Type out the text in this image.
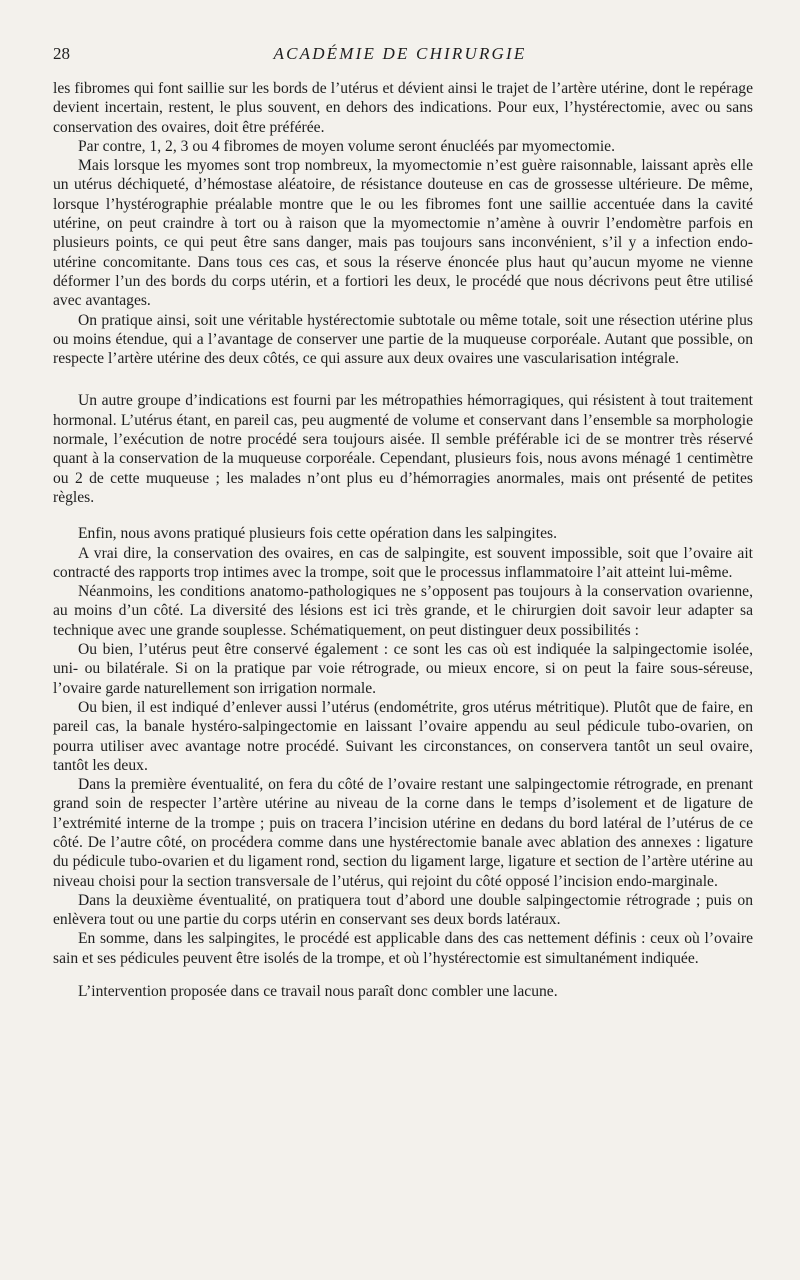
28	ACADÉMIE DE CHIRURGIE

les fibromes qui font saillie sur les bords de l’utérus et dévient ainsi le trajet de l’artère utérine, dont le repérage devient incertain, restent, le plus souvent, en dehors des indications. Pour eux, l’hystérectomie, avec ou sans conservation des ovaires, doit être préférée.

Par contre, 1, 2, 3 ou 4 fibromes de moyen volume seront énucléés par myomectomie.

Mais lorsque les myomes sont trop nombreux, la myomectomie n’est guère raisonnable, laissant après elle un utérus déchiqueté, d’hémostase aléatoire, de résistance douteuse en cas de grossesse ultérieure. De même, lorsque l’hystérographie préalable montre que le ou les fibromes font une saillie accentuée dans la cavité utérine, on peut craindre à tort ou à raison que la myomectomie n’amène à ouvrir l’endomètre parfois en plusieurs points, ce qui peut être sans danger, mais pas toujours sans inconvénient, s’il y a infection endo-utérine concomitante. Dans tous ces cas, et sous la réserve énoncée plus haut qu’aucun myome ne vienne déformer l’un des bords du corps utérin, et a fortiori les deux, le procédé que nous décrivons peut être utilisé avec avantages.

On pratique ainsi, soit une véritable hystérectomie subtotale ou même totale, soit une résection utérine plus ou moins étendue, qui a l’avantage de conserver une partie de la muqueuse corporéale. Autant que possible, on respecte l’artère utérine des deux côtés, ce qui assure aux deux ovaires une vascularisation intégrale.

Un autre groupe d’indications est fourni par les métropathies hémorragiques, qui résistent à tout traitement hormonal. L’utérus étant, en pareil cas, peu augmenté de volume et conservant dans l’ensemble sa morphologie normale, l’exécution de notre procédé sera toujours aisée. Il semble préférable ici de se montrer très réservé quant à la conservation de la muqueuse corporéale. Cependant, plusieurs fois, nous avons ménagé 1 centimètre ou 2 de cette muqueuse ; les malades n’ont plus eu d’hémorragies anormales, mais ont présenté de petites règles.

Enfin, nous avons pratiqué plusieurs fois cette opération dans les salpingites.

A vrai dire, la conservation des ovaires, en cas de salpingite, est souvent impossible, soit que l’ovaire ait contracté des rapports trop intimes avec la trompe, soit que le processus inflammatoire l’ait atteint lui-même.

Néanmoins, les conditions anatomo-pathologiques ne s’opposent pas toujours à la conservation ovarienne, au moins d’un côté. La diversité des lésions est ici très grande, et le chirurgien doit savoir leur adapter sa technique avec une grande souplesse. Schématiquement, on peut distinguer deux possibilités :

Ou bien, l’utérus peut être conservé également : ce sont les cas où est indiquée la salpingectomie isolée, uni- ou bilatérale. Si on la pratique par voie rétrograde, ou mieux encore, si on peut la faire sous-séreuse, l’ovaire garde naturellement son irrigation normale.

Ou bien, il est indiqué d’enlever aussi l’utérus (endométrite, gros utérus métritique). Plutôt que de faire, en pareil cas, la banale hystéro-salpingectomie en laissant l’ovaire appendu au seul pédicule tubo-ovarien, on pourra utiliser avec avantage notre procédé. Suivant les circonstances, on conservera tantôt un seul ovaire, tantôt les deux.

Dans la première éventualité, on fera du côté de l’ovaire restant une salpingectomie rétrograde, en prenant grand soin de respecter l’artère utérine au niveau de la corne dans le temps d’isolement et de ligature de l’extrémité interne de la trompe ; puis on tracera l’incision utérine en dedans du bord latéral de l’utérus de ce côté. De l’autre côté, on procédera comme dans une hystérectomie banale avec ablation des annexes : ligature du pédicule tubo-ovarien et du ligament rond, section du ligament large, ligature et section de l’artère utérine au niveau choisi pour la section transversale de l’utérus, qui rejoint du côté opposé l’incision endo-marginale.

Dans la deuxième éventualité, on pratiquera tout d’abord une double salpingectomie rétrograde ; puis on enlèvera tout ou une partie du corps utérin en conservant ses deux bords latéraux.

En somme, dans les salpingites, le procédé est applicable dans des cas nettement définis : ceux où l’ovaire sain et ses pédicules peuvent être isolés de la trompe, et où l’hystérectomie est simultanément indiquée.

L’intervention proposée dans ce travail nous paraît donc combler une lacune.
